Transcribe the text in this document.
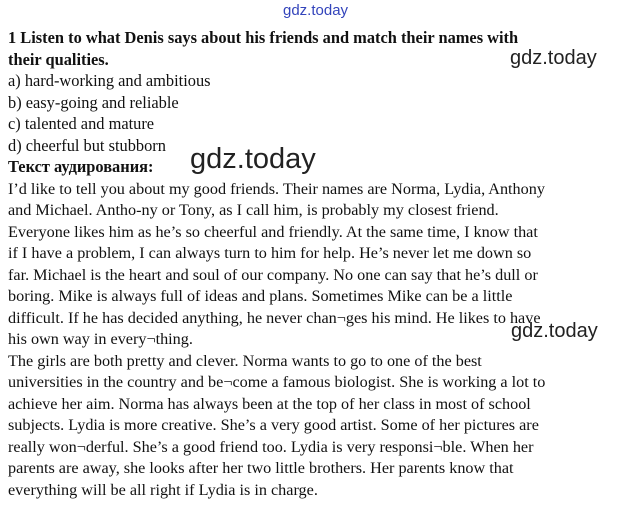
gdz.today
1 Listen to what Denis says about his friends and match their names with
their qualities.	gdz.today
a) hard-working and ambitious
b) easy-going and reliable
c) talented and mature
d) cheerful but stubborn
Текст аудирования: gdz.today
I’d like to tell you about my good friends. Their names are Norma, Lydia, Anthony
and Michael. Antho-ny or Tony, as I call him, is probably my closest friend.
Everyone likes him as he’s so cheerful and friendly. At the same time, I know that
if I have a problem, I can always turn to him for help. He’s never let me down so
far. Michael is the heart and soul of our company. No one can say that he’s dull or
boring. Mike is always full of ideas and plans. Sometimes Mike can be a little
difficult. If he has decided anything, he never chan¬ges his mind. He likes to have
his own way in every¬thing.	gdz.today
The girls are both pretty and clever. Norma wants to go to one of the best
universities in the country and be¬come a famous biologist. She is working a lot to
achieve her aim. Norma has always been at the top of her class in most of school
subjects. Lydia is more creative. She’s a very good artist. Some of her pictures are
really won¬derful. She’s a good friend too. Lydia is very responsi¬ble. When her
parents are away, she looks after her two little brothers. Her parents know that
everything will be all right if Lydia is in charge.
